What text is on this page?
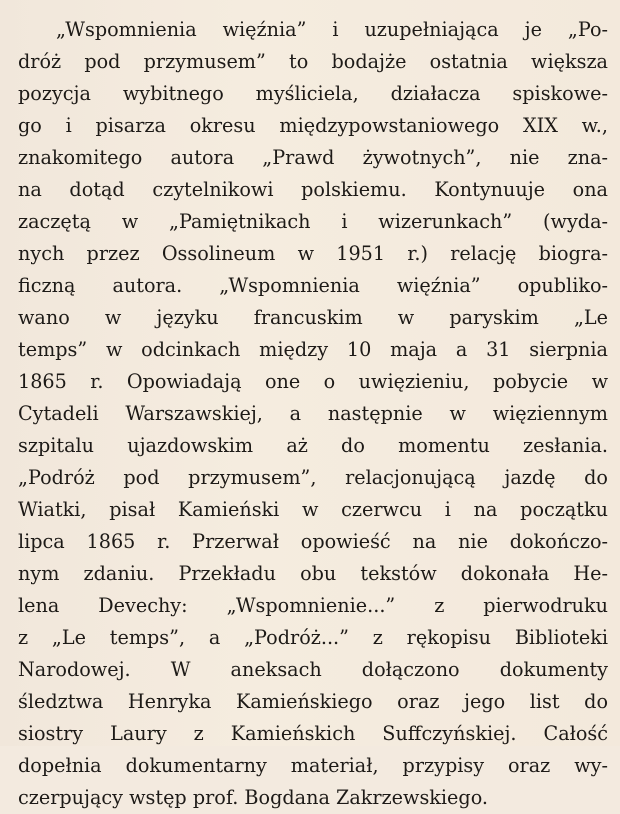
„Wspomnienia więźnia” i uzupełniająca je „Po-
dróż pod przymusem” to bodajże ostatnia większa
pozycja wybitnego myśliciela, działacza spiskowe-
go i pisarza okresu międzypowstaniowego XIX w.,
znakomitego autora „Prawd żywotnych”, nie zna-
na dotąd czytelnikowi polskiemu. Kontynuuje ona
zaczętą w „Pamiętnikach i wizerunkach” (wyda-
nych przez Ossolineum w 1951 r.) relację biogra-
ficzną autora. „Wspomnienia więźnia” opubliko-
wano w języku francuskim w paryskim „Le
temps” w odcinkach między 10 maja a 31 sierpnia
1865 r. Opowiadają one o uwięzieniu, pobycie w
Cytadeli Warszawskiej, a następnie w więziennym
szpitalu ujazdowskim aż do momentu zesłania.
„Podróż pod przymusem”, relacjonującą jazdę do
Wiatki, pisał Kamieński w czerwcu i na początku
lipca 1865 r. Przerwał opowieść na nie dokończo-
nym zdaniu. Przekładu obu tekstów dokonała He-
lena Devechy: „Wspomnienie...” z pierwodruku
z „Le temps”, a „Podróż...” z rękopisu Biblioteki
Narodowej. W aneksach dołączono dokumenty
śledztwa Henryka Kamieńskiego oraz jego list do
siostry Laury z Kamieńskich Suffczyńskiej. Całość
dopełnia dokumentarny materiał, przypisy oraz wy-
czerpujący wstęp prof. Bogdana Zakrzewskiego.
